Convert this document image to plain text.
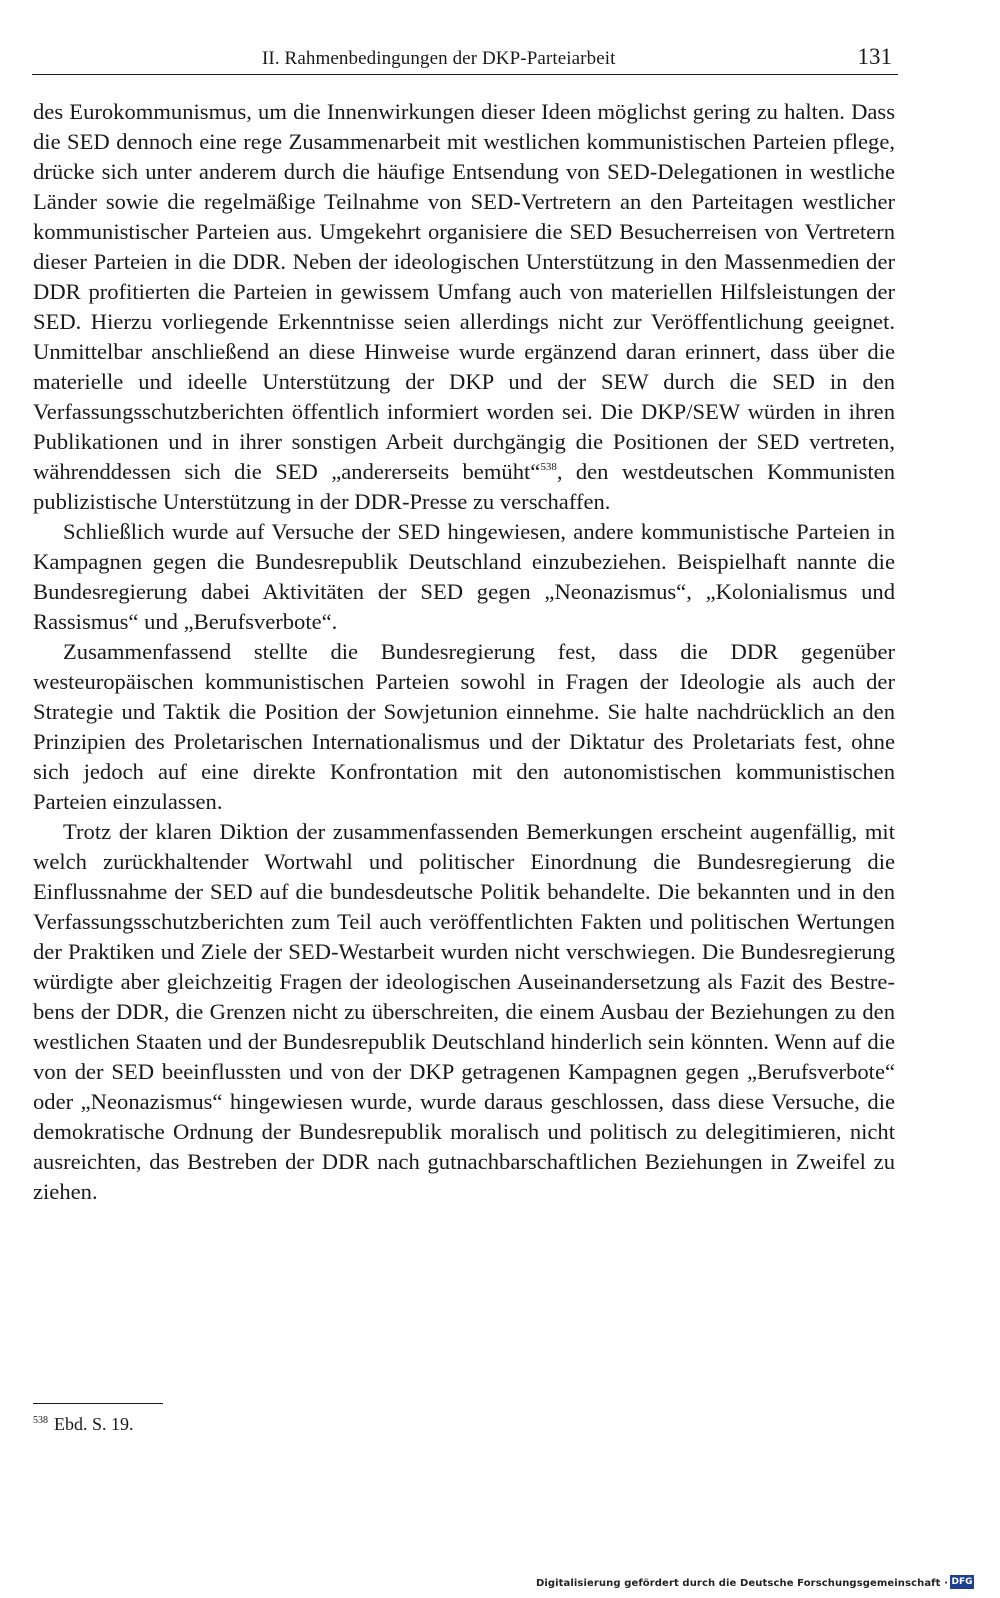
II. Rahmenbedingungen der DKP-Parteiarbeit	131

des Eurokommunismus, um die Innenwirkungen dieser Ideen möglichst gering zu halten. Dass die SED dennoch eine rege Zusammenarbeit mit westlichen kommunistischen Parteien pflege, drücke sich unter anderem durch die häufige Entsendung von SED-Delegationen in westliche Länder sowie die regelmäßige Teilnahme von SED-Vertretern an den Parteitagen westlicher kommunistischer Parteien aus. Umgekehrt organisiere die SED Besucherreisen von Vertretern dieser Parteien in die DDR. Neben der ideologischen Unterstützung in den Massenmedien der DDR profitierten die Parteien in gewissem Umfang auch von materiellen Hilfsleistungen der SED. Hierzu vorliegende Erkenntnisse seien allerdings nicht zur Veröffentlichung geeignet. Unmittelbar anschließend an diese Hinweise wurde ergänzend daran erinnert, dass über die materielle und ideelle Unterstützung der DKP und der SEW durch die SED in den Verfassungsschutzberichten öffentlich informiert worden sei. Die DKP/SEW würden in ihren Publikationen und in ihrer sonstigen Arbeit durchgängig die Positionen der SED vertreten, währenddessen sich die SED „andererseits bemüht“$^{538}$, den westdeutschen Kommunisten publizistische Unterstützung in der DDR-Presse zu verschaffen.

Schließlich wurde auf Versuche der SED hingewiesen, andere kommunistische Parteien in Kampagnen gegen die Bundesrepublik Deutschland einzubeziehen. Beispielhaft nannte die Bundesregierung dabei Aktivitäten der SED gegen „Neonazismus“, „Kolonialismus und Rassismus“ und „Berufsverbote“.

Zusammenfassend stellte die Bundesregierung fest, dass die DDR gegenüber westeuropäischen kommunistischen Parteien sowohl in Fragen der Ideologie als auch der Strategie und Taktik die Position der Sowjetunion einnehme. Sie halte nachdrücklich an den Prinzipien des Proletarischen Internationalismus und der Diktatur des Proletariats fest, ohne sich jedoch auf eine direkte Konfrontation mit den autonomistischen kommunistischen Parteien einzulassen.

Trotz der klaren Diktion der zusammenfassenden Bemerkungen erscheint augenfällig, mit welch zurückhaltender Wortwahl und politischer Einordnung die Bundesregierung die Einflussnahme der SED auf die bundesdeutsche Politik behandelte. Die bekannten und in den Verfassungsschutzberichten zum Teil auch veröffentlichten Fakten und politischen Wertungen der Praktiken und Ziele der SED-Westarbeit wurden nicht verschwiegen. Die Bundesregierung würdigte aber gleichzeitig Fragen der ideologischen Auseinandersetzung als Fazit des Bestrebens der DDR, die Grenzen nicht zu überschreiten, die einem Ausbau der Beziehungen zu den westlichen Staaten und der Bundesrepublik Deutschland hinderlich sein könnten. Wenn auf die von der SED beeinflussten und von der DKP getragenen Kampagnen gegen „Berufsverbote“ oder „Neonazismus“ hingewiesen wurde, wurde daraus geschlossen, dass diese Versuche, die demokratische Ordnung der Bundesrepublik moralisch und politisch zu delegitimieren, nicht ausreichten, das Bestreben der DDR nach gutnachbarschaftlichen Beziehungen in Zweifel zu ziehen.

$^{538}$ Ebd. S. 19.
Digitalisierung gefördert durch die Deutsche Forschungsgemeinschaft · DFG
